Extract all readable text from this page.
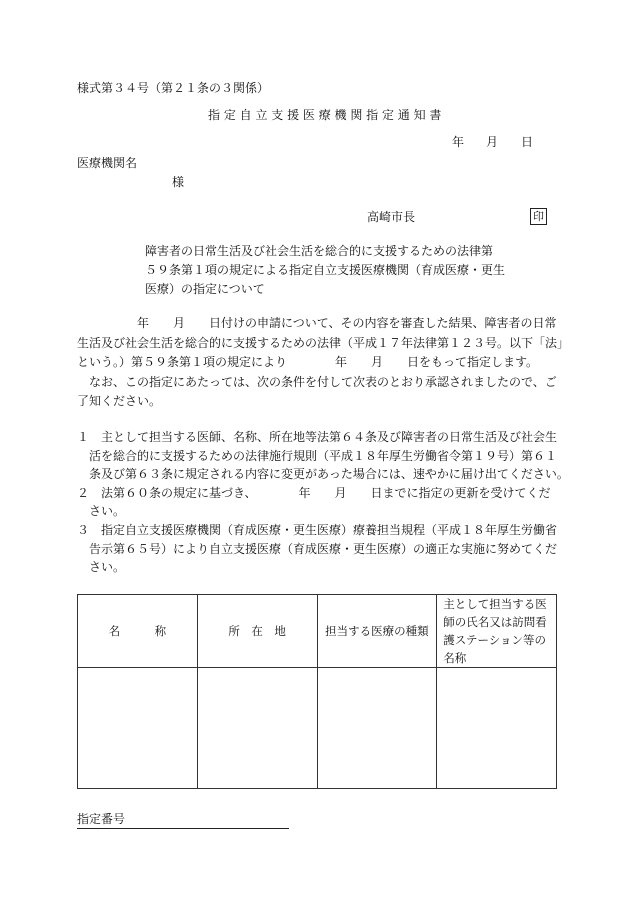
様式第３４号（第２１条の３関係）
指 定 自 立 支 援 医 療 機 関 指 定 通 知 書
年 月 日
医療機関名
様
高崎市長	印

障害者の日常生活及び社会生活を総合的に支援するための法律第

５９条第１項の規定による指定自立支援医療機関（育成医療・更生

医療）の指定について

　　　　　年　　月　　日付けの申請について、その内容を審査した結果、障害者の日常

生活及び社会生活を総合的に支援するための法律（平成１７年法律第１２３号。以下「法」

という。）第５９条第１項の規定により　　　　年　　月　　日をもって指定します。

　なお、この指定にあたっては、次の条件を付して次表のとおり承認されましたので、ご

了知ください。

１　主として担当する医師、名称、所在地等法第６４条及び障害者の日常生活及び社会生

　活を総合的に支援するための法律施行規則（平成１８年厚生労働省令第１９号）第６１

　条及び第６３条に規定される内容に変更があった場合には、速やかに届け出てください。

２　法第６０条の規定に基づき、　　　　年　　月　　日までに指定の更新を受けてくだ

　さい。

３　指定自立支援医療機関（育成医療・更生医療）療養担当規程（平成１８年厚生労働省

　告示第６５号）により自立支援医療（育成医療・更生医療）の適正な実施に努めてくだ

　さい。

名　　　称	所　在　地	担当する医療の種類	主として担当する医師の氏名又は訪問看護ステーション等の名称

指定番号
